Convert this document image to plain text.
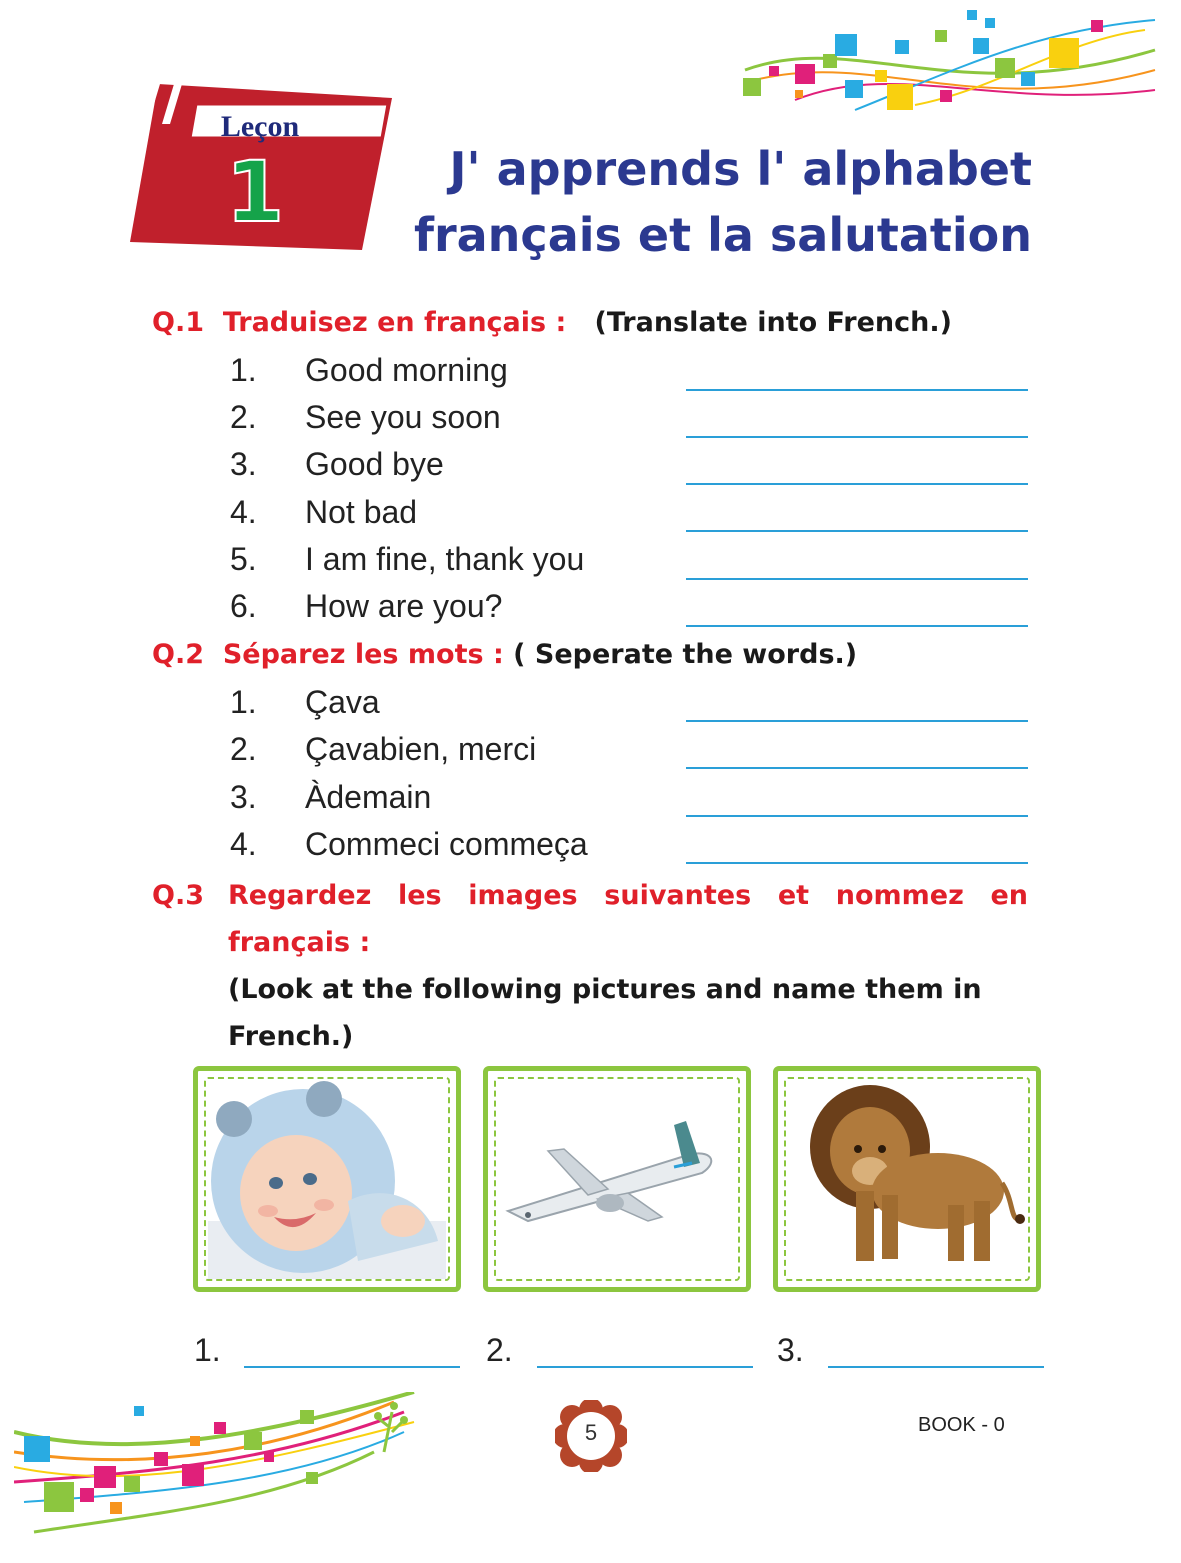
Leçon
1	J' apprends l' alphabet
français et la salutation
Q.1 Traduisez en français : (Translate into French.)
1. Good morning
2. See you soon
3. Good bye
4. Not bad
5. I am fine, thank you
6. How are you?
Q.2 Séparez les mots : ( Seperate the words.)
1. Çava
2. Çavabien, merci
3. Àdemain
4. Commeci commeça
Q.3 Regardez les images suivantes et nommez en français :
(Look at the following pictures and name them in French.)
1.	2.	3.
5	BOOK - 0
